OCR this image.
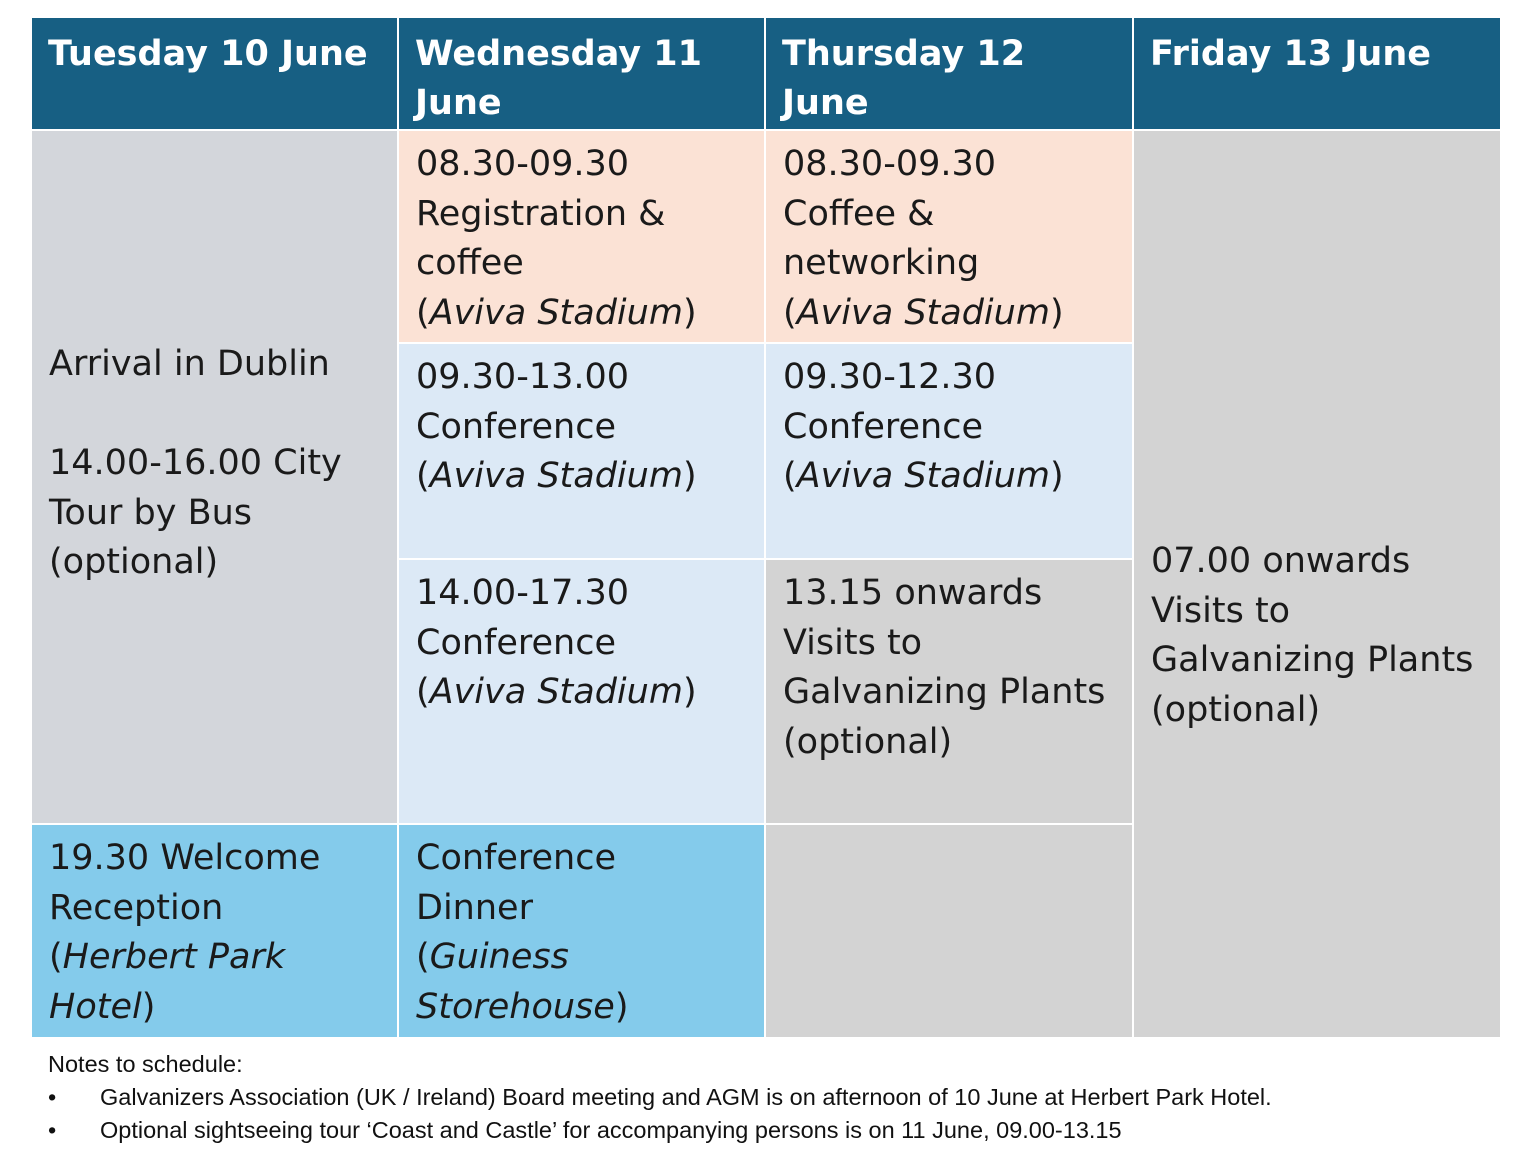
Tuesday 10 June	Wednesday 11 June
Thursday 12 June
Friday 13 June
Arrival in Dublin
14.00-16.00 City
Tour by Bus
(optional)
08.30-09.30
Registration &
coffee
(Aviva Stadium)
08.30-09.30
Coffee &
networking
(Aviva Stadium)
07.00 onwards
Visits to
Galvanizing Plants
(optional)
09.30-13.00
Conference
(Aviva Stadium)
09.30-12.30
Conference
(Aviva Stadium)
14.00-17.30
Conference
(Aviva Stadium)
13.15 onwards
Visits to
Galvanizing Plants
(optional)
19.30 Welcome
Reception
(Herbert Park
Hotel)
Conference
Dinner
(Guiness
Storehouse)
Notes to schedule:
• Galvanizers Association (UK / Ireland) Board meeting and AGM is on afternoon of 10 June at Herbert Park Hotel.
• Optional sightseeing tour ‘Coast and Castle’ for accompanying persons is on 11 June, 09.00-13.15
